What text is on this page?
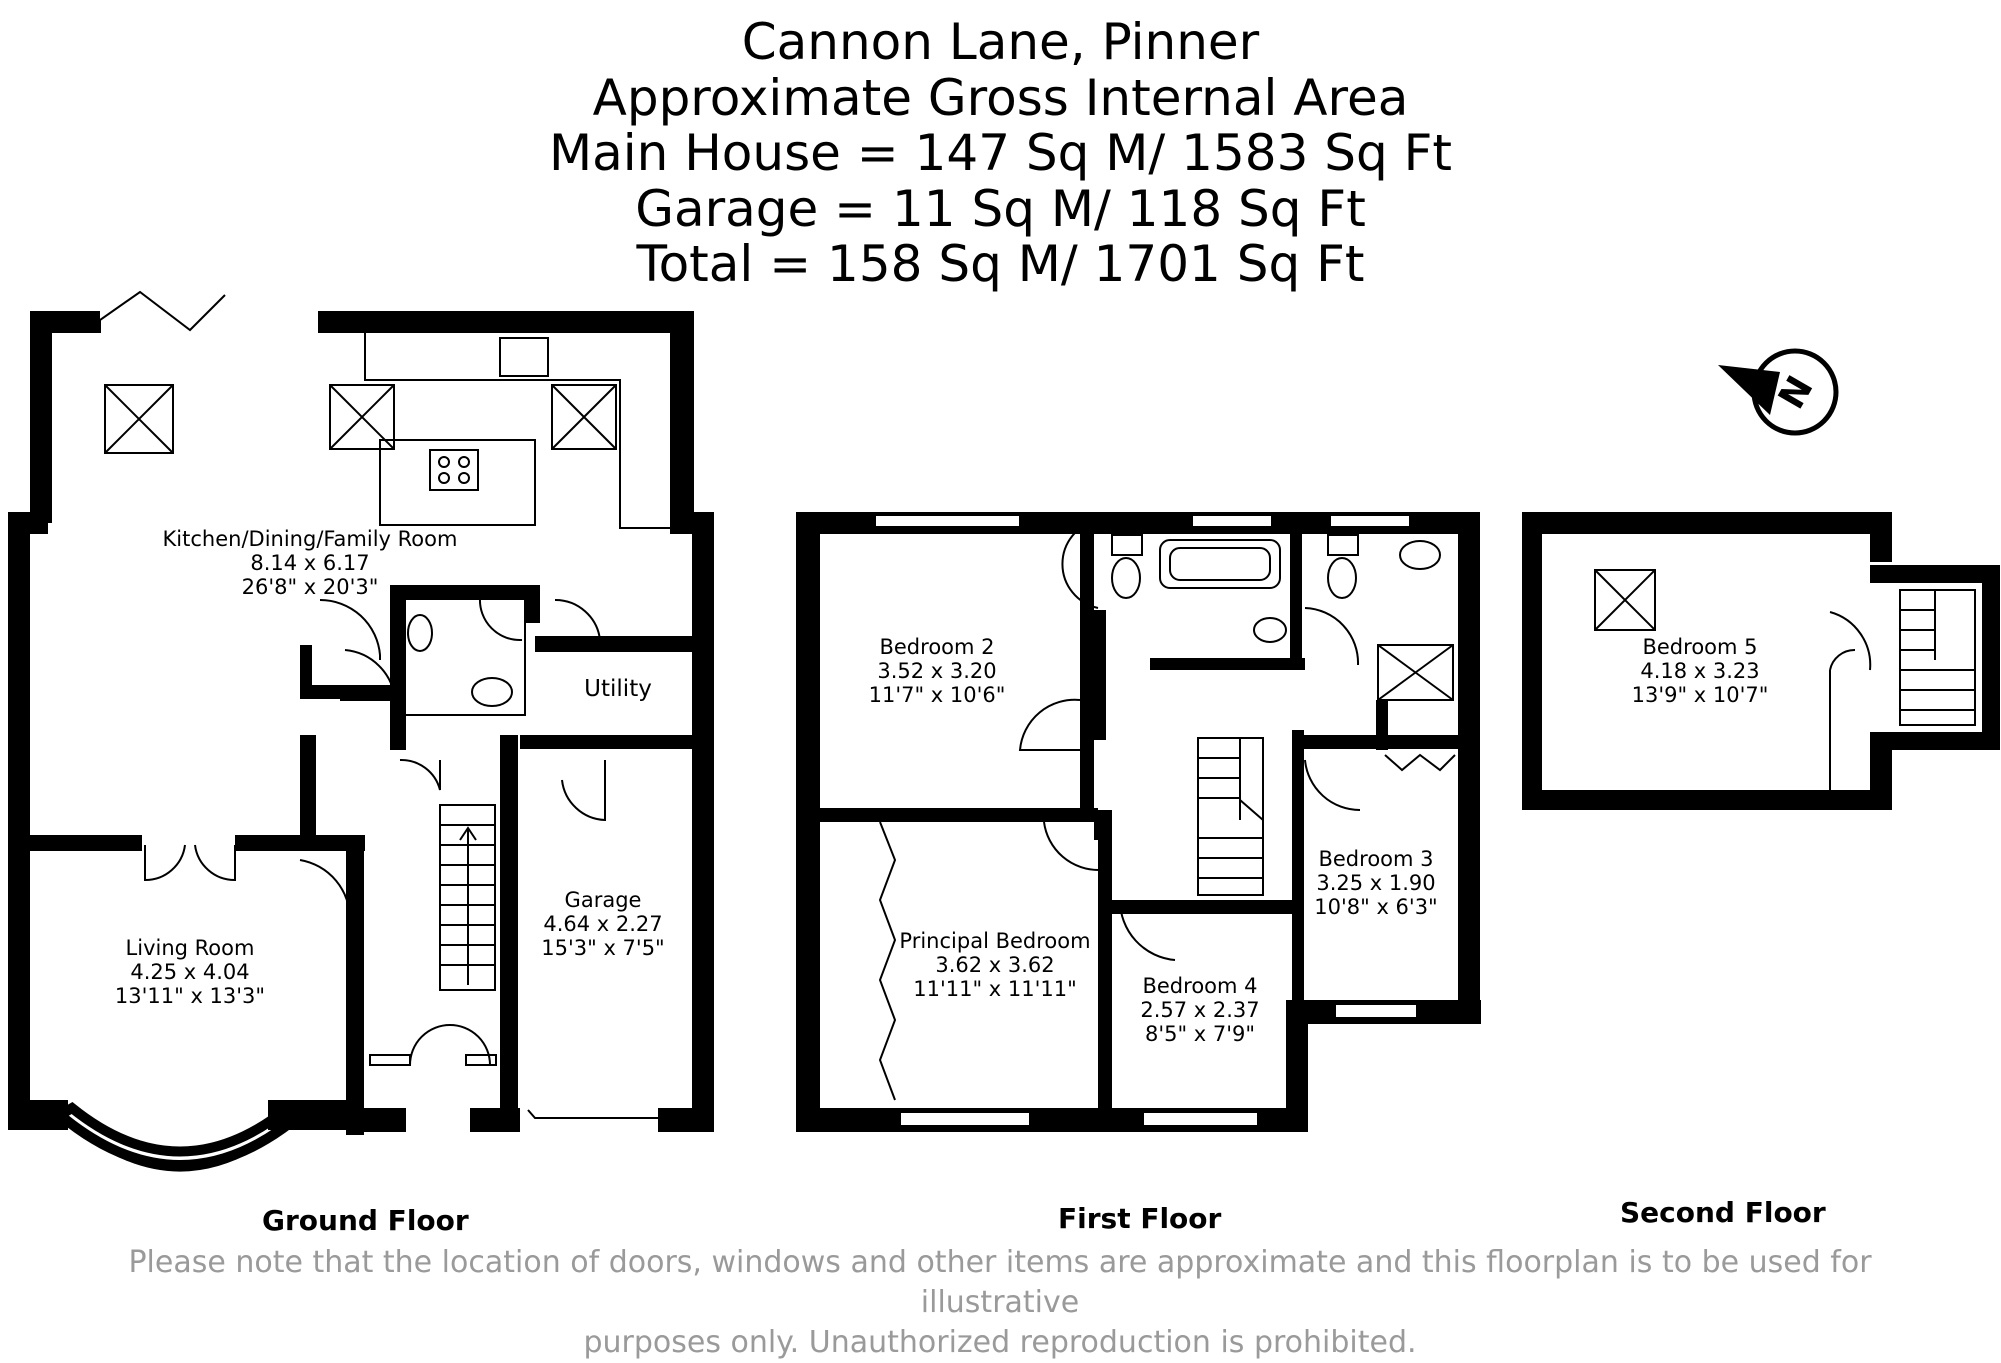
Cannon Lane, Pinner
Approximate Gross Internal Area
Main House = 147 Sq M/ 1583 Sq Ft
Garage = 11 Sq M/ 118 Sq Ft
Total = 158 Sq M/ 1701 Sq Ft
N
Kitchen/Dining/Family Room
8.14 x 6.17
26'8" x 20'3"
Living Room
4.25 x 4.04
13'11" x 13'3"
Garage
4.64 x 2.27
15'3" x 7'5"
Bedroom 2
3.52 x 3.20
11'7" x 10'6"
Principal Bedroom
3.62 x 3.62
11'11" x 11'11"
Bedroom 3
3.25 x 1.90
10'8" x 6'3"
Bedroom 4
2.57 x 2.37
8'5" x 7'9"
Bedroom 5
4.18 x 3.23
13'9" x 10'7"
Utility
Ground Floor	First Floor	Second Floor
Please note that the location of doors, windows and other items are approximate and this floorplan is to be used for illustrative
purposes only. Unauthorized reproduction is prohibited.
